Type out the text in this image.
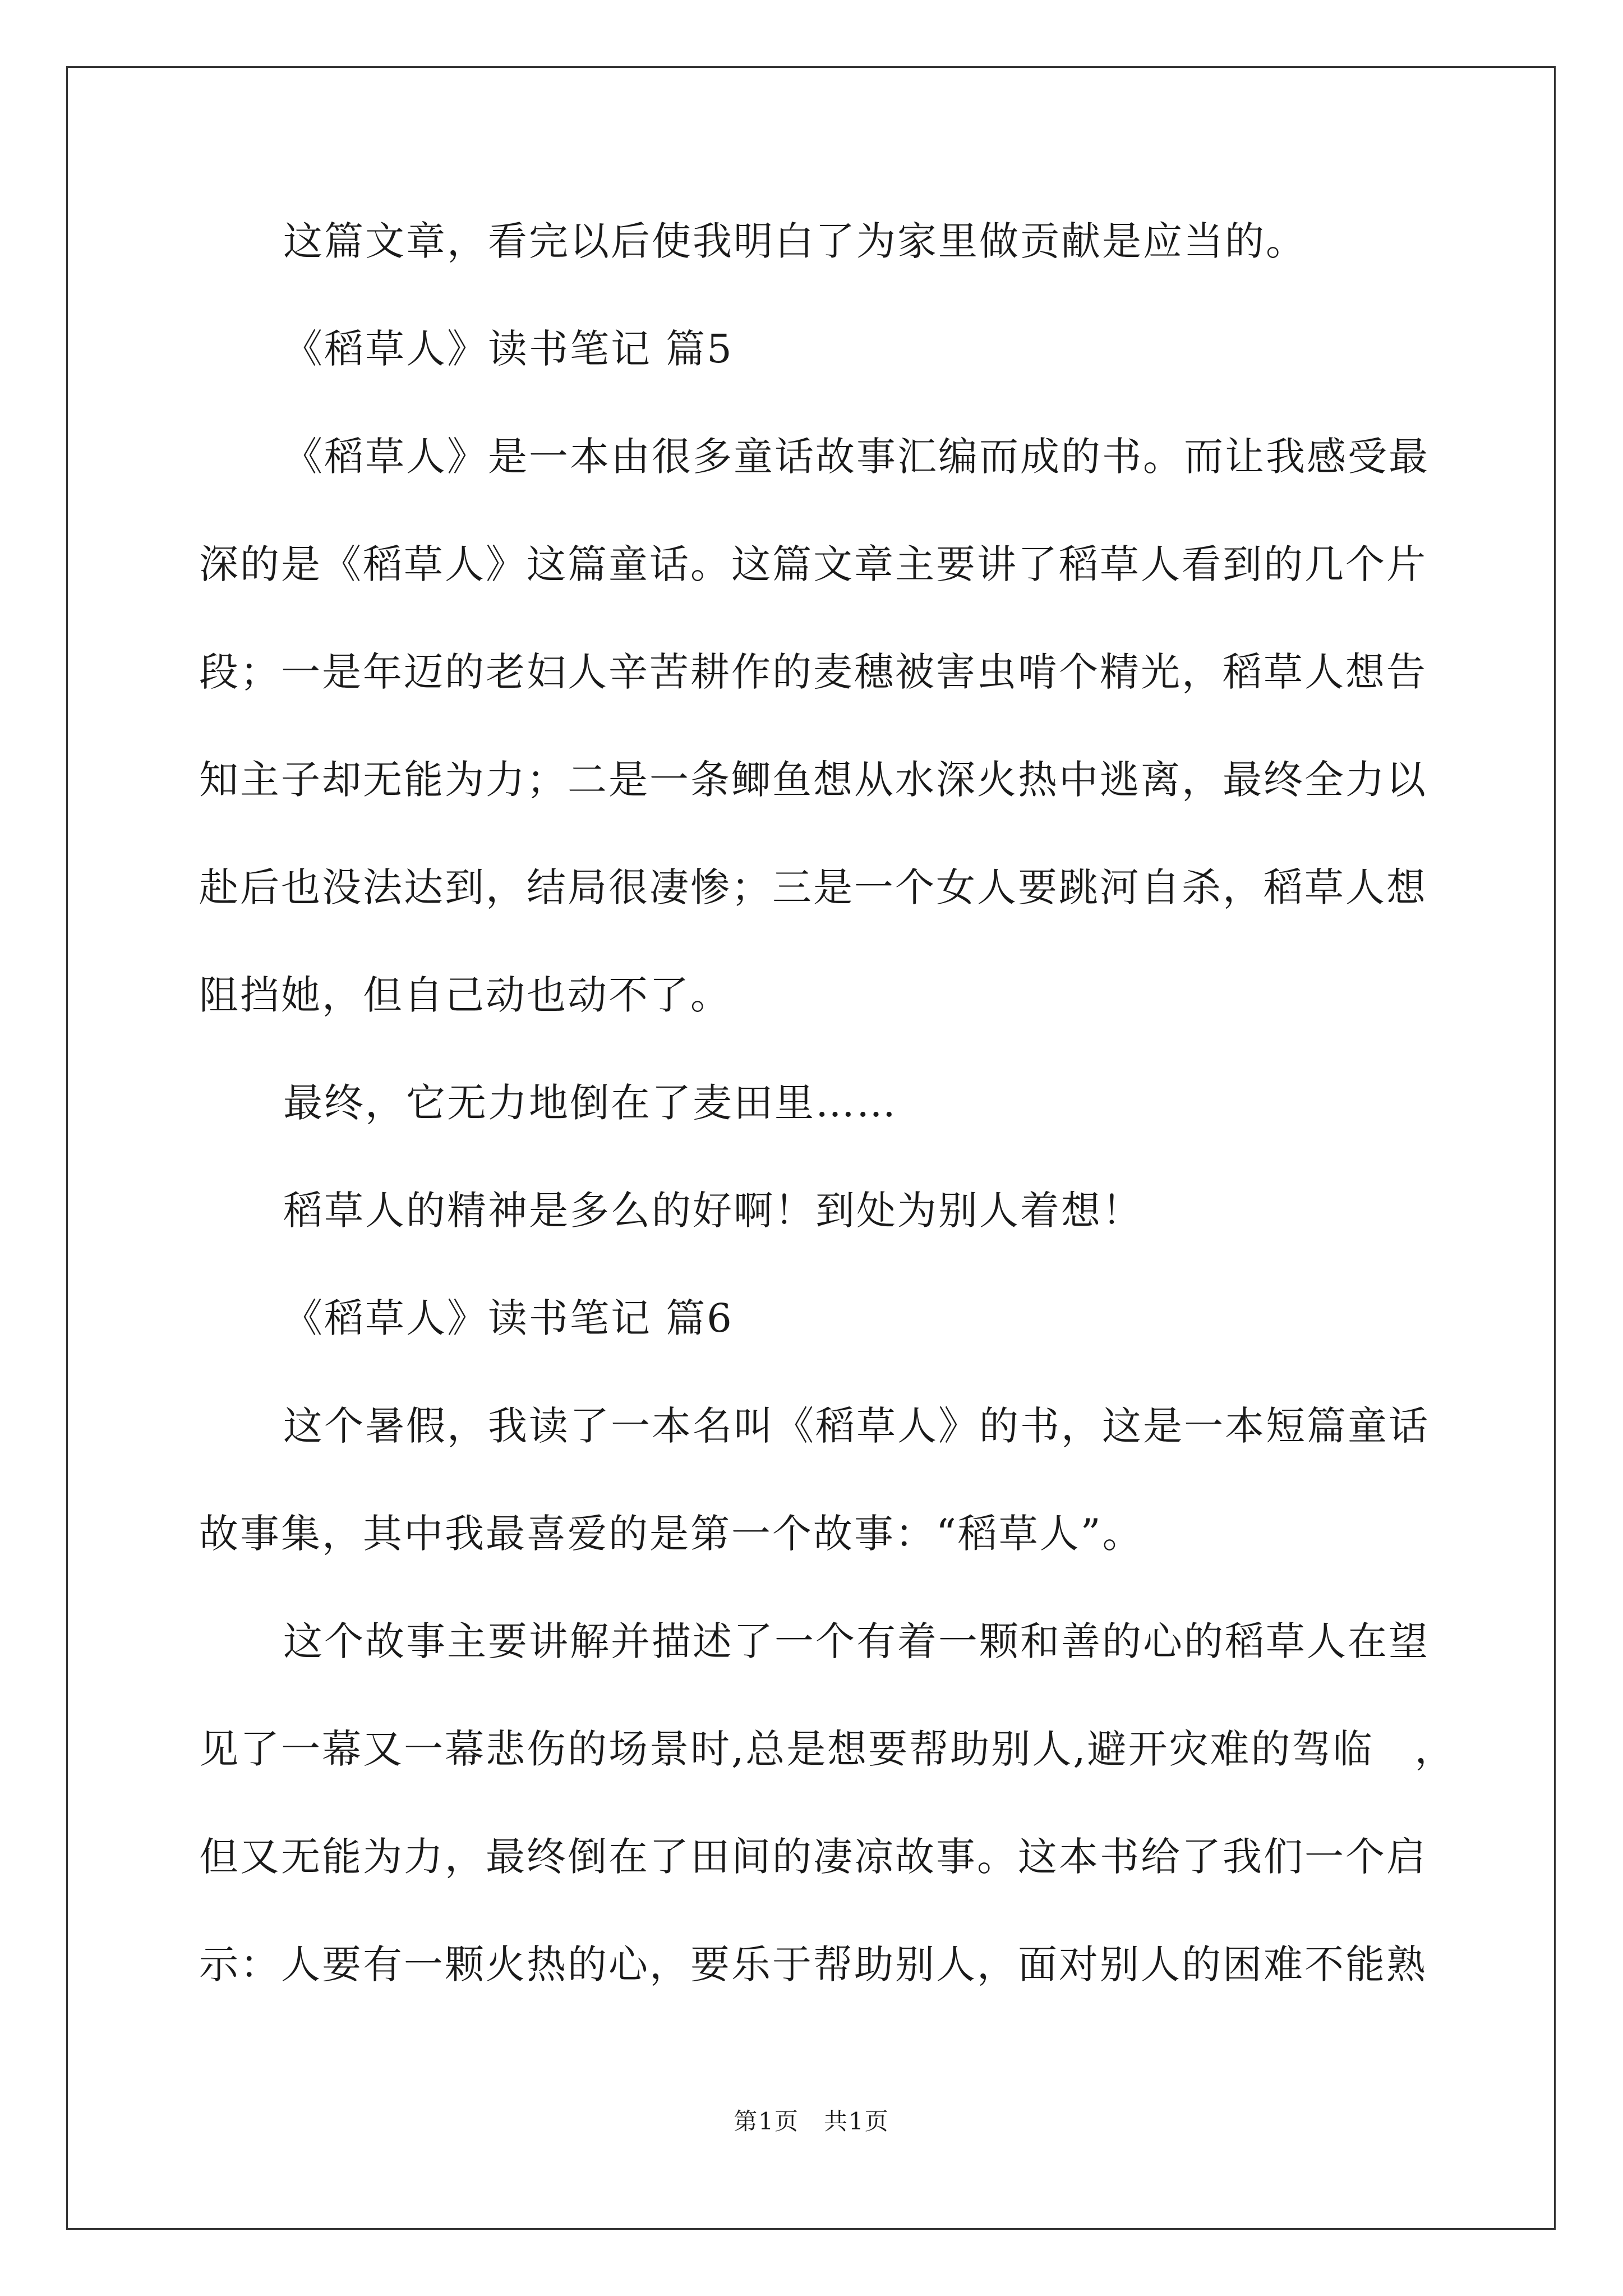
这篇文章，看完以后使我明白了为家里做贡献是应当的。
《稻草人》读书笔记 篇5
《稻草人》是一本由很多童话故事汇编而成的书。而让我感受最
深的是《稻草人》这篇童话。这篇文章主要讲了稻草人看到的几个片
段；一是年迈的老妇人辛苦耕作的麦穗被害虫啃个精光，稻草人想告
知主子却无能为力；二是一条鲫鱼想从水深火热中逃离，最终全力以
赴后也没法达到，结局很凄惨；三是一个女人要跳河自杀，稻草人想
阻挡她，但自己动也动不了。
最终，它无力地倒在了麦田里……
稻草人的精神是多么的好啊！到处为别人着想！
《稻草人》读书笔记 篇6
这个暑假，我读了一本名叫《稻草人》的书，这是一本短篇童话
故事集，其中我最喜爱的是第一个故事：“稻草人”。
这个故事主要讲解并描述了一个有着一颗和善的心的稻草人在望
见了一幕又一幕悲伤的场景时,总是想要帮助别人,避开灾难的驾临　，
但又无能为力，最终倒在了田间的凄凉故事。这本书给了我们一个启
示：人要有一颗火热的心，要乐于帮助别人，面对别人的困难不能熟
第1页　共1页
